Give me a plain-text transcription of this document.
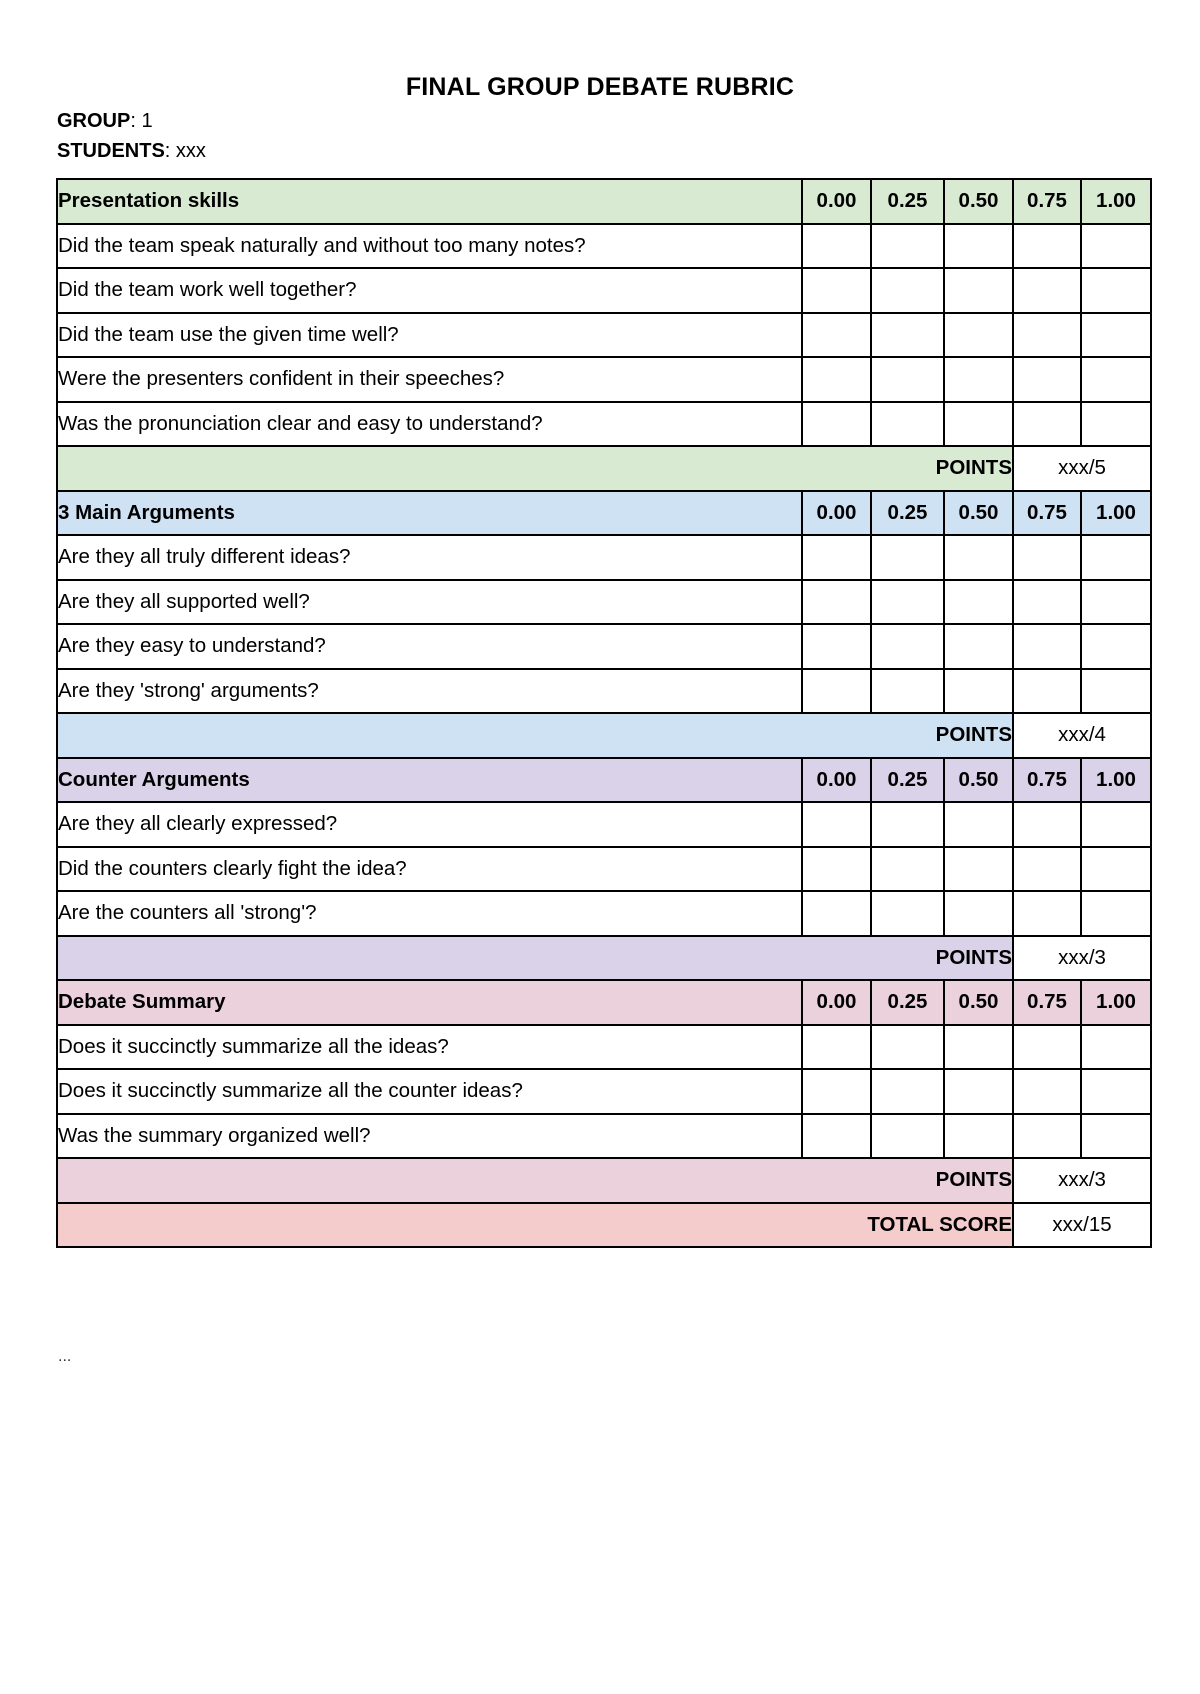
FINAL GROUP DEBATE RUBRIC
GROUP: 1
STUDENTS: xxx
Presentation skills	0.00	0.25	0.50	0.75	1.00
Did the team speak naturally and without too many notes?					
Did the team work well together?					
Did the team use the given time well?					
Were the presenters confident in their speeches?					
Was the pronunciation clear and easy to understand?					
POINTS				xxx/5	
3 Main Arguments	0.00	0.25	0.50	0.75	1.00
Are they all truly different ideas?					
Are they all supported well?					
Are they easy to understand?					
Are they 'strong' arguments?					
POINTS				xxx/4	
Counter Arguments	0.00	0.25	0.50	0.75	1.00
Are they all clearly expressed?					
Did the counters clearly fight the idea?					
Are the counters all 'strong'?					
POINTS				xxx/3	
Debate Summary	0.00	0.25	0.50	0.75	1.00
Does it succinctly summarize all the ideas?					
Does it succinctly summarize all the counter ideas?					
Was the summary organized well?					
POINTS				xxx/3	
TOTAL SCORE				xxx/15	
...
